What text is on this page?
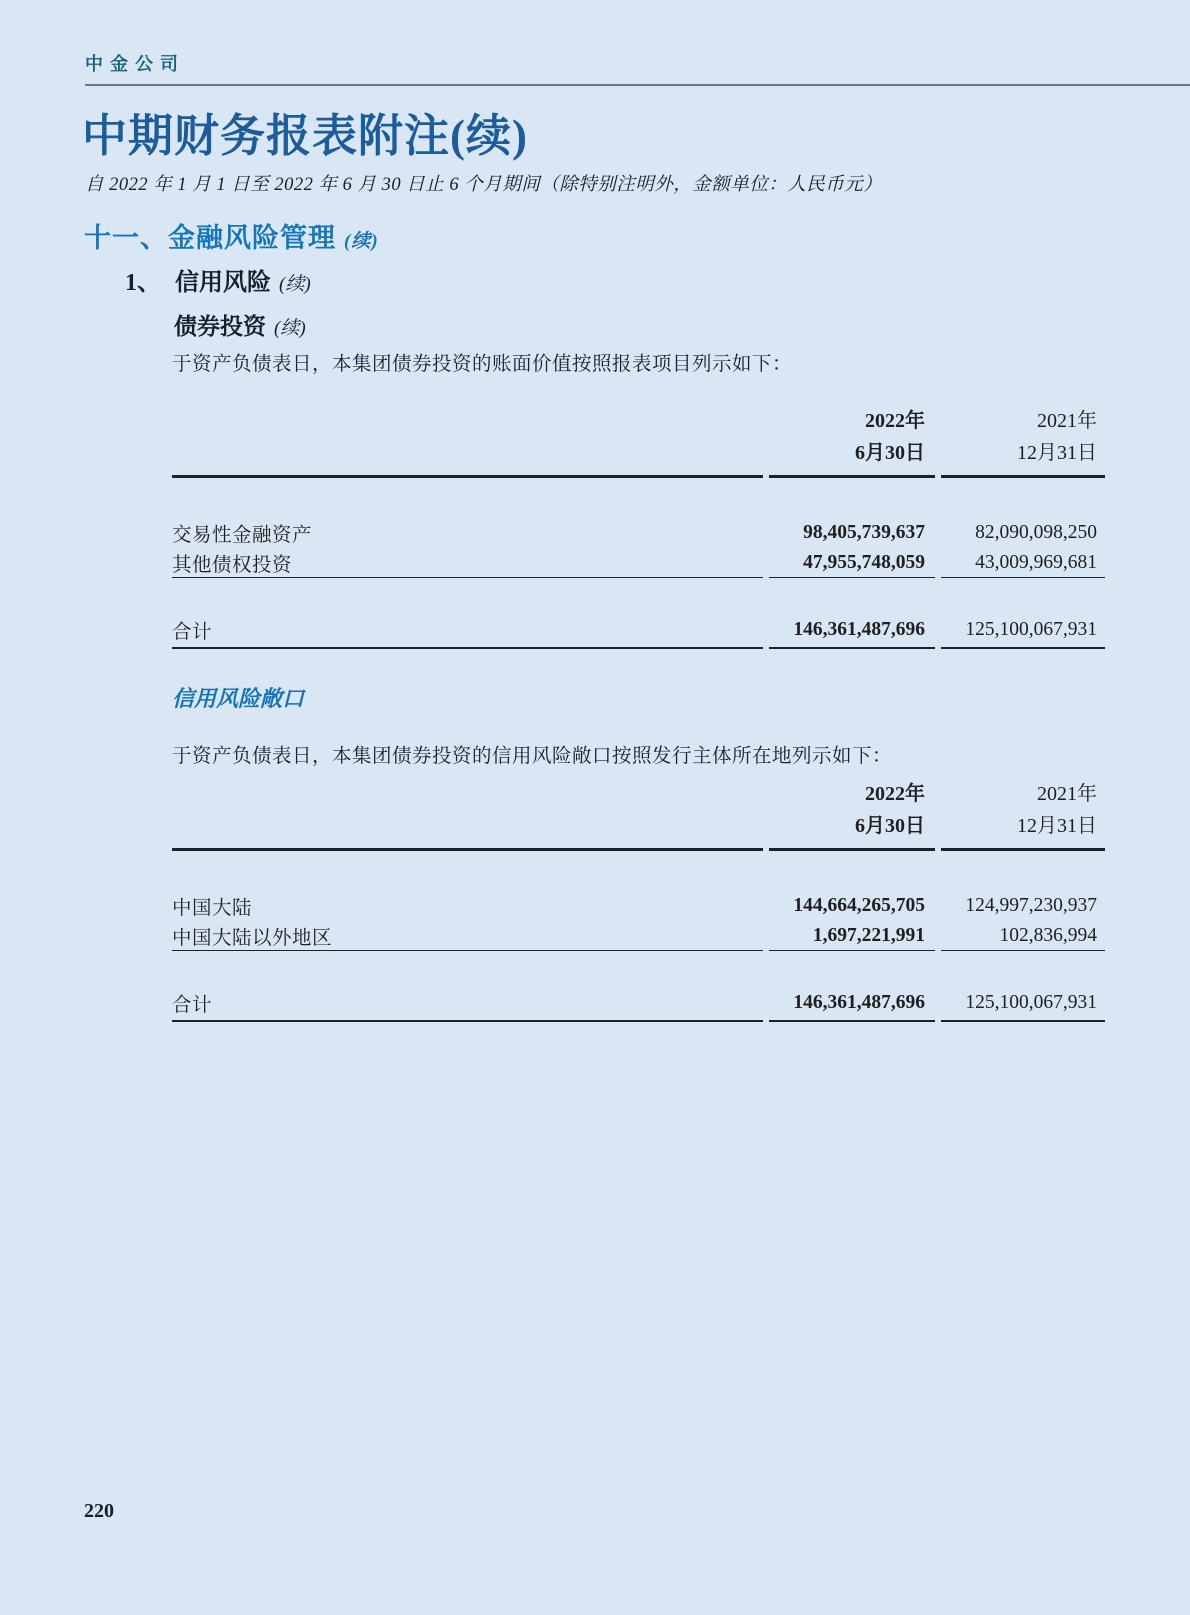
中金公司
中期财务报表附注(续)
自 2022 年 1 月 1 日至 2022 年 6 月 30 日止 6 个月期间（除特别注明外，金额单位：人民币元）
十一、金融风险管理 (续)
1、 信用风险 (续)
债券投资 (续)
于资产负债表日，本集团债券投资的账面价值按照报表项目列示如下：
2022年
6月30日
2021年
12月31日
交易性金融资产	98,405,739,637	82,090,098,250
其他债权投资	47,955,748,059	43,009,969,681
合计	146,361,487,696	125,100,067,931
信用风险敞口
于资产负债表日，本集团债券投资的信用风险敞口按照发行主体所在地列示如下：
2022年
6月30日
2021年
12月31日
中国大陆	144,664,265,705	124,997,230,937
中国大陆以外地区	1,697,221,991	102,836,994
合计	146,361,487,696	125,100,067,931
220
